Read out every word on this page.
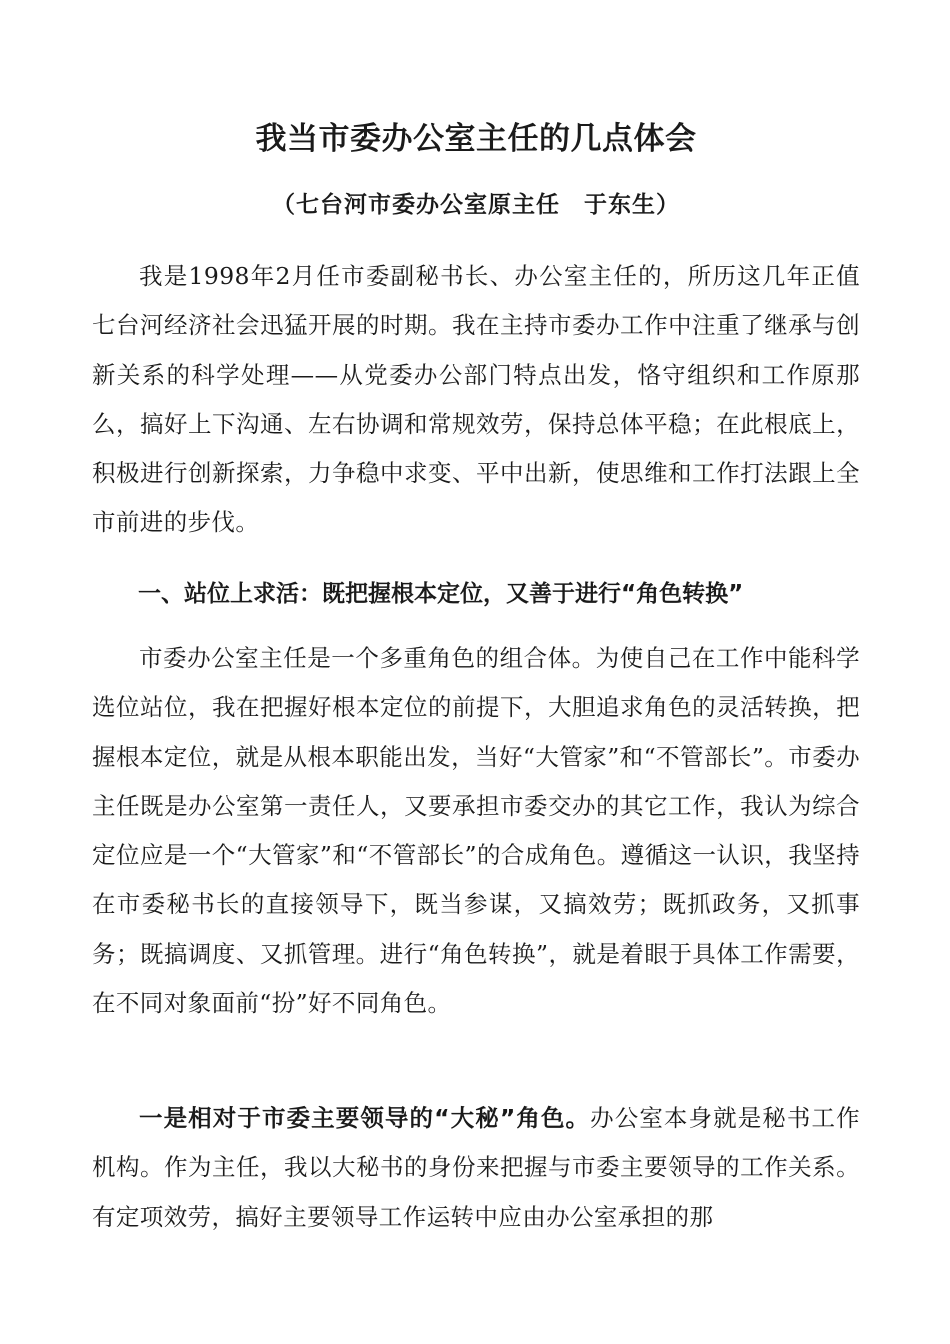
我当市委办公室主任的几点体会

（七台河市委办公室原主任　于东生）

我是1998年2月任市委副秘书长、办公室主任的，所历这几年正值七台河经济社会迅猛开展的时期。我在主持市委办工作中注重了继承与创新关系的科学处理——从党委办公部门特点出发，恪守组织和工作原那么，搞好上下沟通、左右协调和常规效劳，保持总体平稳；在此根底上，积极进行创新探索，力争稳中求变、平中出新，使思维和工作打法跟上全市前进的步伐。

一、站位上求活：既把握根本定位，又善于进行“角色转换”

市委办公室主任是一个多重角色的组合体。为使自己在工作中能科学选位站位，我在把握好根本定位的前提下，大胆追求角色的灵活转换，把握根本定位，就是从根本职能出发，当好“大管家”和“不管部长”。市委办主任既是办公室第一责任人，又要承担市委交办的其它工作，我认为综合定位应是一个“大管家”和“不管部长”的合成角色。遵循这一认识，我坚持在市委秘书长的直接领导下，既当参谋，又搞效劳；既抓政务，又抓事务；既搞调度、又抓管理。进行“角色转换”，就是着眼于具体工作需要，在不同对象面前“扮”好不同角色。

一是相对于市委主要领导的“大秘”角色。办公室本身就是秘书工作机构。作为主任，我以大秘书的身份来把握与市委主要领导的工作关系。有定项效劳，搞好主要领导工作运转中应由办公室承担的那
